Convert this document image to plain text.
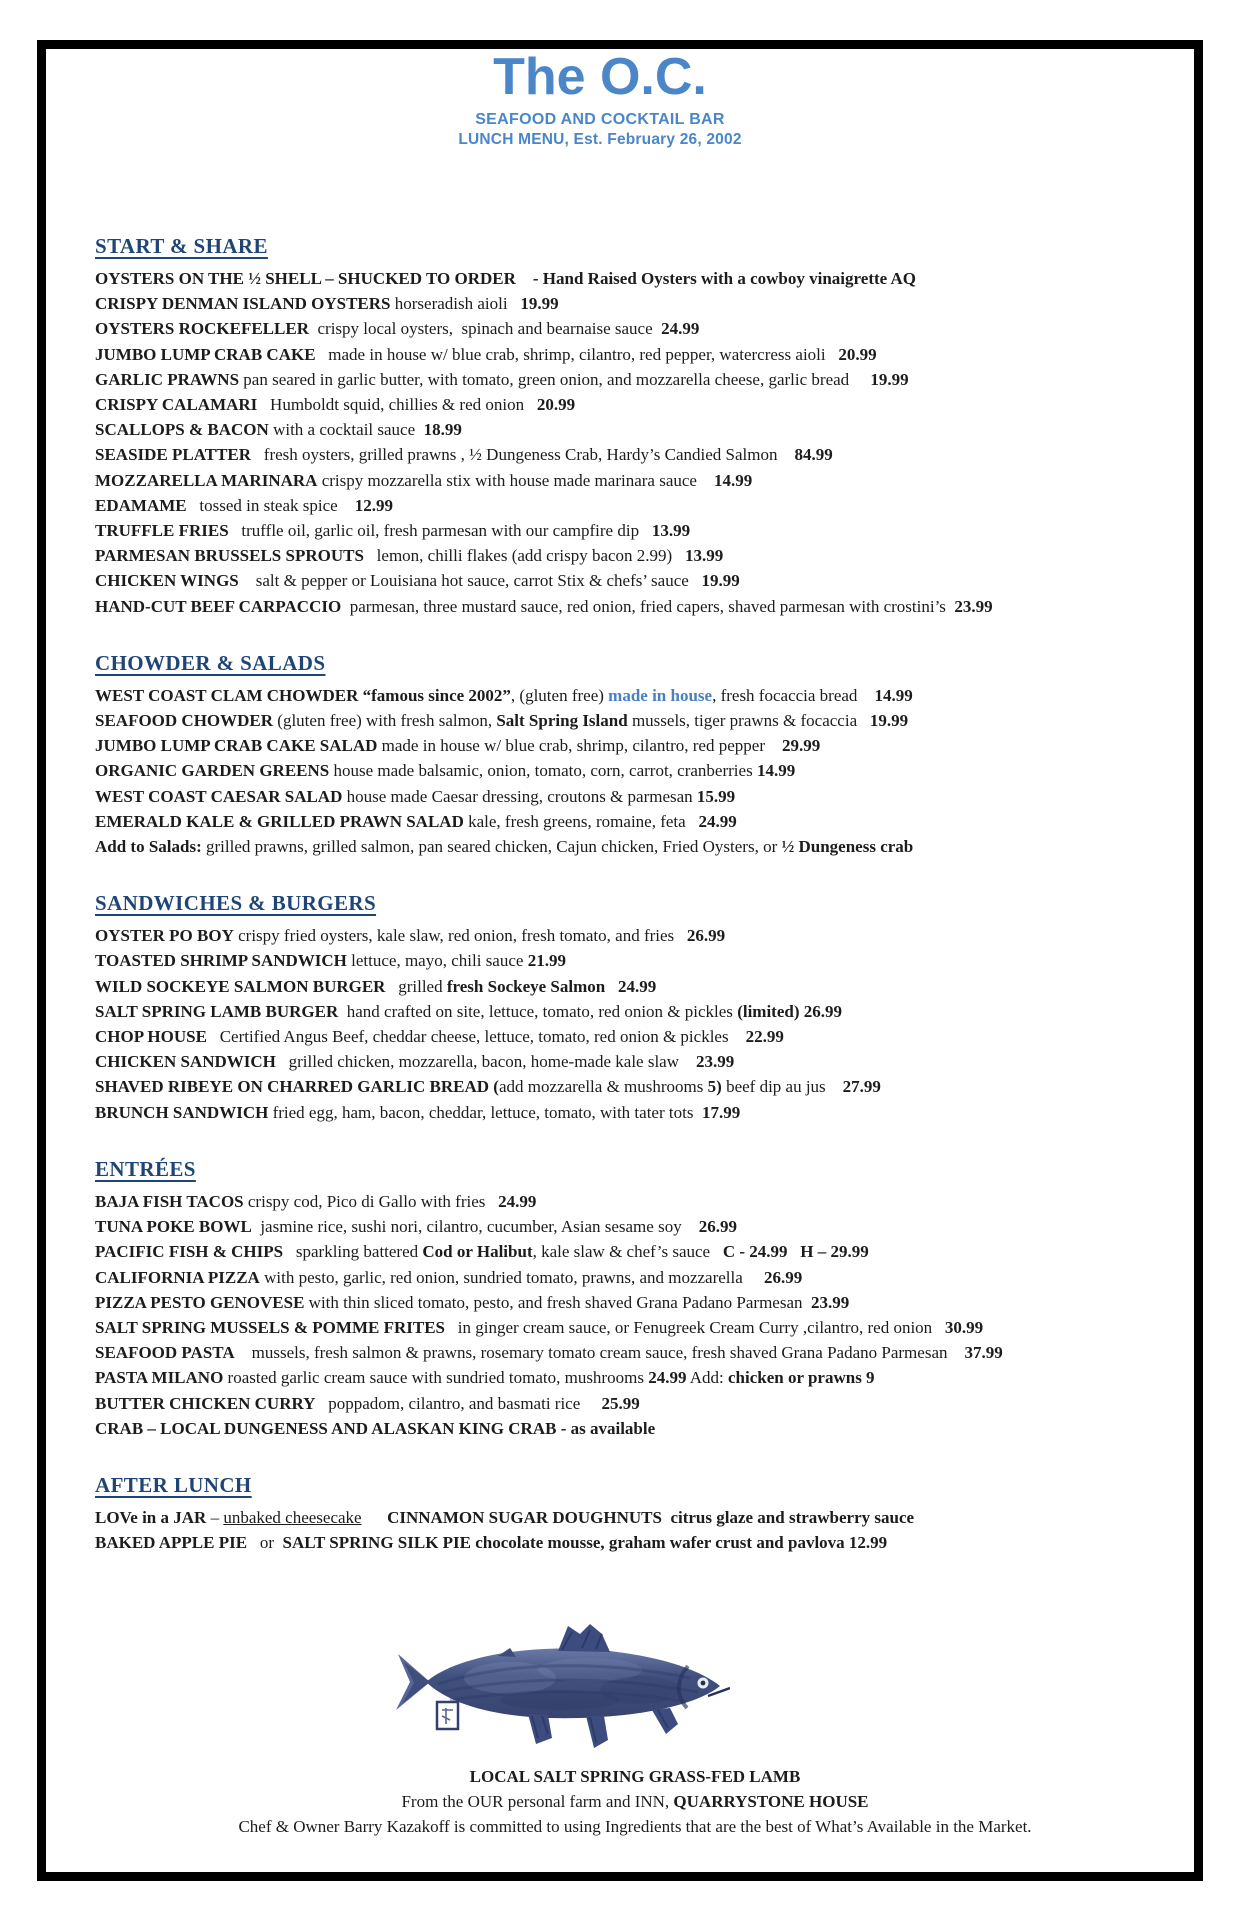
The O.C.
SEAFOOD AND COCKTAIL BAR
LUNCH MENU, Est. February 26, 2002
START & SHARE

OYSTERS ON THE ½ SHELL – SHUCKED TO ORDER    - Hand Raised Oysters with a cowboy vinaigrette AQ

CRISPY DENMAN ISLAND OYSTERS horseradish aioli   19.99

OYSTERS ROCKEFELLER  crispy local oysters,  spinach and bearnaise sauce  24.99

JUMBO LUMP CRAB CAKE   made in house w/ blue crab, shrimp, cilantro, red pepper, watercress aioli   20.99

GARLIC PRAWNS pan seared in garlic butter, with tomato, green onion, and mozzarella cheese, garlic bread     19.99

CRISPY CALAMARI   Humboldt squid, chillies & red onion   20.99

SCALLOPS & BACON with a cocktail sauce  18.99

SEASIDE PLATTER   fresh oysters, grilled prawns , ½ Dungeness Crab, Hardy’s Candied Salmon    84.99

MOZZARELLA MARINARA crispy mozzarella stix with house made marinara sauce    14.99

EDAMAME   tossed in steak spice    12.99

TRUFFLE FRIES   truffle oil, garlic oil, fresh parmesan with our campfire dip   13.99

PARMESAN BRUSSELS SPROUTS   lemon, chilli flakes (add crispy bacon 2.99)   13.99

CHICKEN WINGS    salt & pepper or Louisiana hot sauce, carrot Stix & chefs’ sauce   19.99

HAND-CUT BEEF CARPACCIO  parmesan, three mustard sauce, red onion, fried capers, shaved parmesan with crostini’s  23.99

CHOWDER & SALADS

WEST COAST CLAM CHOWDER “famous since 2002”, (gluten free) made in house, fresh focaccia bread    14.99

SEAFOOD CHOWDER (gluten free) with fresh salmon, Salt Spring Island mussels, tiger prawns & focaccia   19.99

JUMBO LUMP CRAB CAKE SALAD made in house w/ blue crab, shrimp, cilantro, red pepper    29.99

ORGANIC GARDEN GREENS house made balsamic, onion, tomato, corn, carrot, cranberries 14.99

WEST COAST CAESAR SALAD house made Caesar dressing, croutons & parmesan 15.99

EMERALD KALE & GRILLED PRAWN SALAD kale, fresh greens, romaine, feta   24.99

Add to Salads: grilled prawns, grilled salmon, pan seared chicken, Cajun chicken, Fried Oysters, or ½ Dungeness crab

SANDWICHES & BURGERS

OYSTER PO BOY crispy fried oysters, kale slaw, red onion, fresh tomato, and fries   26.99

TOASTED SHRIMP SANDWICH lettuce, mayo, chili sauce 21.99

WILD SOCKEYE SALMON BURGER   grilled fresh Sockeye Salmon 24.99

SALT SPRING LAMB BURGER  hand crafted on site, lettuce, tomato, red onion & pickles (limited) 26.99

CHOP HOUSE   Certified Angus Beef, cheddar cheese, lettuce, tomato, red onion & pickles    22.99

CHICKEN SANDWICH   grilled chicken, mozzarella, bacon, home-made kale slaw    23.99

SHAVED RIBEYE ON CHARRED GARLIC BREAD (add mozzarella & mushrooms 5) beef dip au jus    27.99

BRUNCH SANDWICH fried egg, ham, bacon, cheddar, lettuce, tomato, with tater tots  17.99

ENTRÉES

BAJA FISH TACOS crispy cod, Pico di Gallo with fries   24.99

TUNA POKE BOWL  jasmine rice, sushi nori, cilantro, cucumber, Asian sesame soy    26.99

PACIFIC FISH & CHIPS   sparkling battered Cod or Halibut, kale slaw & chef’s sauce   C - 24.99   H – 29.99

CALIFORNIA PIZZA with pesto, garlic, red onion, sundried tomato, prawns, and mozzarella     26.99

PIZZA PESTO GENOVESE with thin sliced tomato, pesto, and fresh shaved Grana Padano Parmesan  23.99

SALT SPRING MUSSELS & POMME FRITES   in ginger cream sauce, or Fenugreek Cream Curry ,cilantro, red onion   30.99

SEAFOOD PASTA    mussels, fresh salmon & prawns, rosemary tomato cream sauce, fresh shaved Grana Padano Parmesan    37.99

PASTA MILANO roasted garlic cream sauce with sundried tomato, mushrooms 24.99 Add: chicken or prawns 9

BUTTER CHICKEN CURRY   poppadom, cilantro, and basmati rice     25.99

CRAB – LOCAL DUNGENESS AND ALASKAN KING CRAB - as available

AFTER LUNCH

LOVe in a JAR – unbaked cheesecake CINNAMON SUGAR DOUGHNUTS  citrus glaze and strawberry sauce

BAKED APPLE PIE   or  SALT SPRING SILK PIE chocolate mousse, graham wafer crust and pavlova 12.99

LOCAL SALT SPRING GRASS-FED LAMB
From the OUR personal farm and INN, QUARRYSTONE HOUSE
Chef & Owner Barry Kazakoff is committed to using Ingredients that are the best of What’s Available in the Market.
